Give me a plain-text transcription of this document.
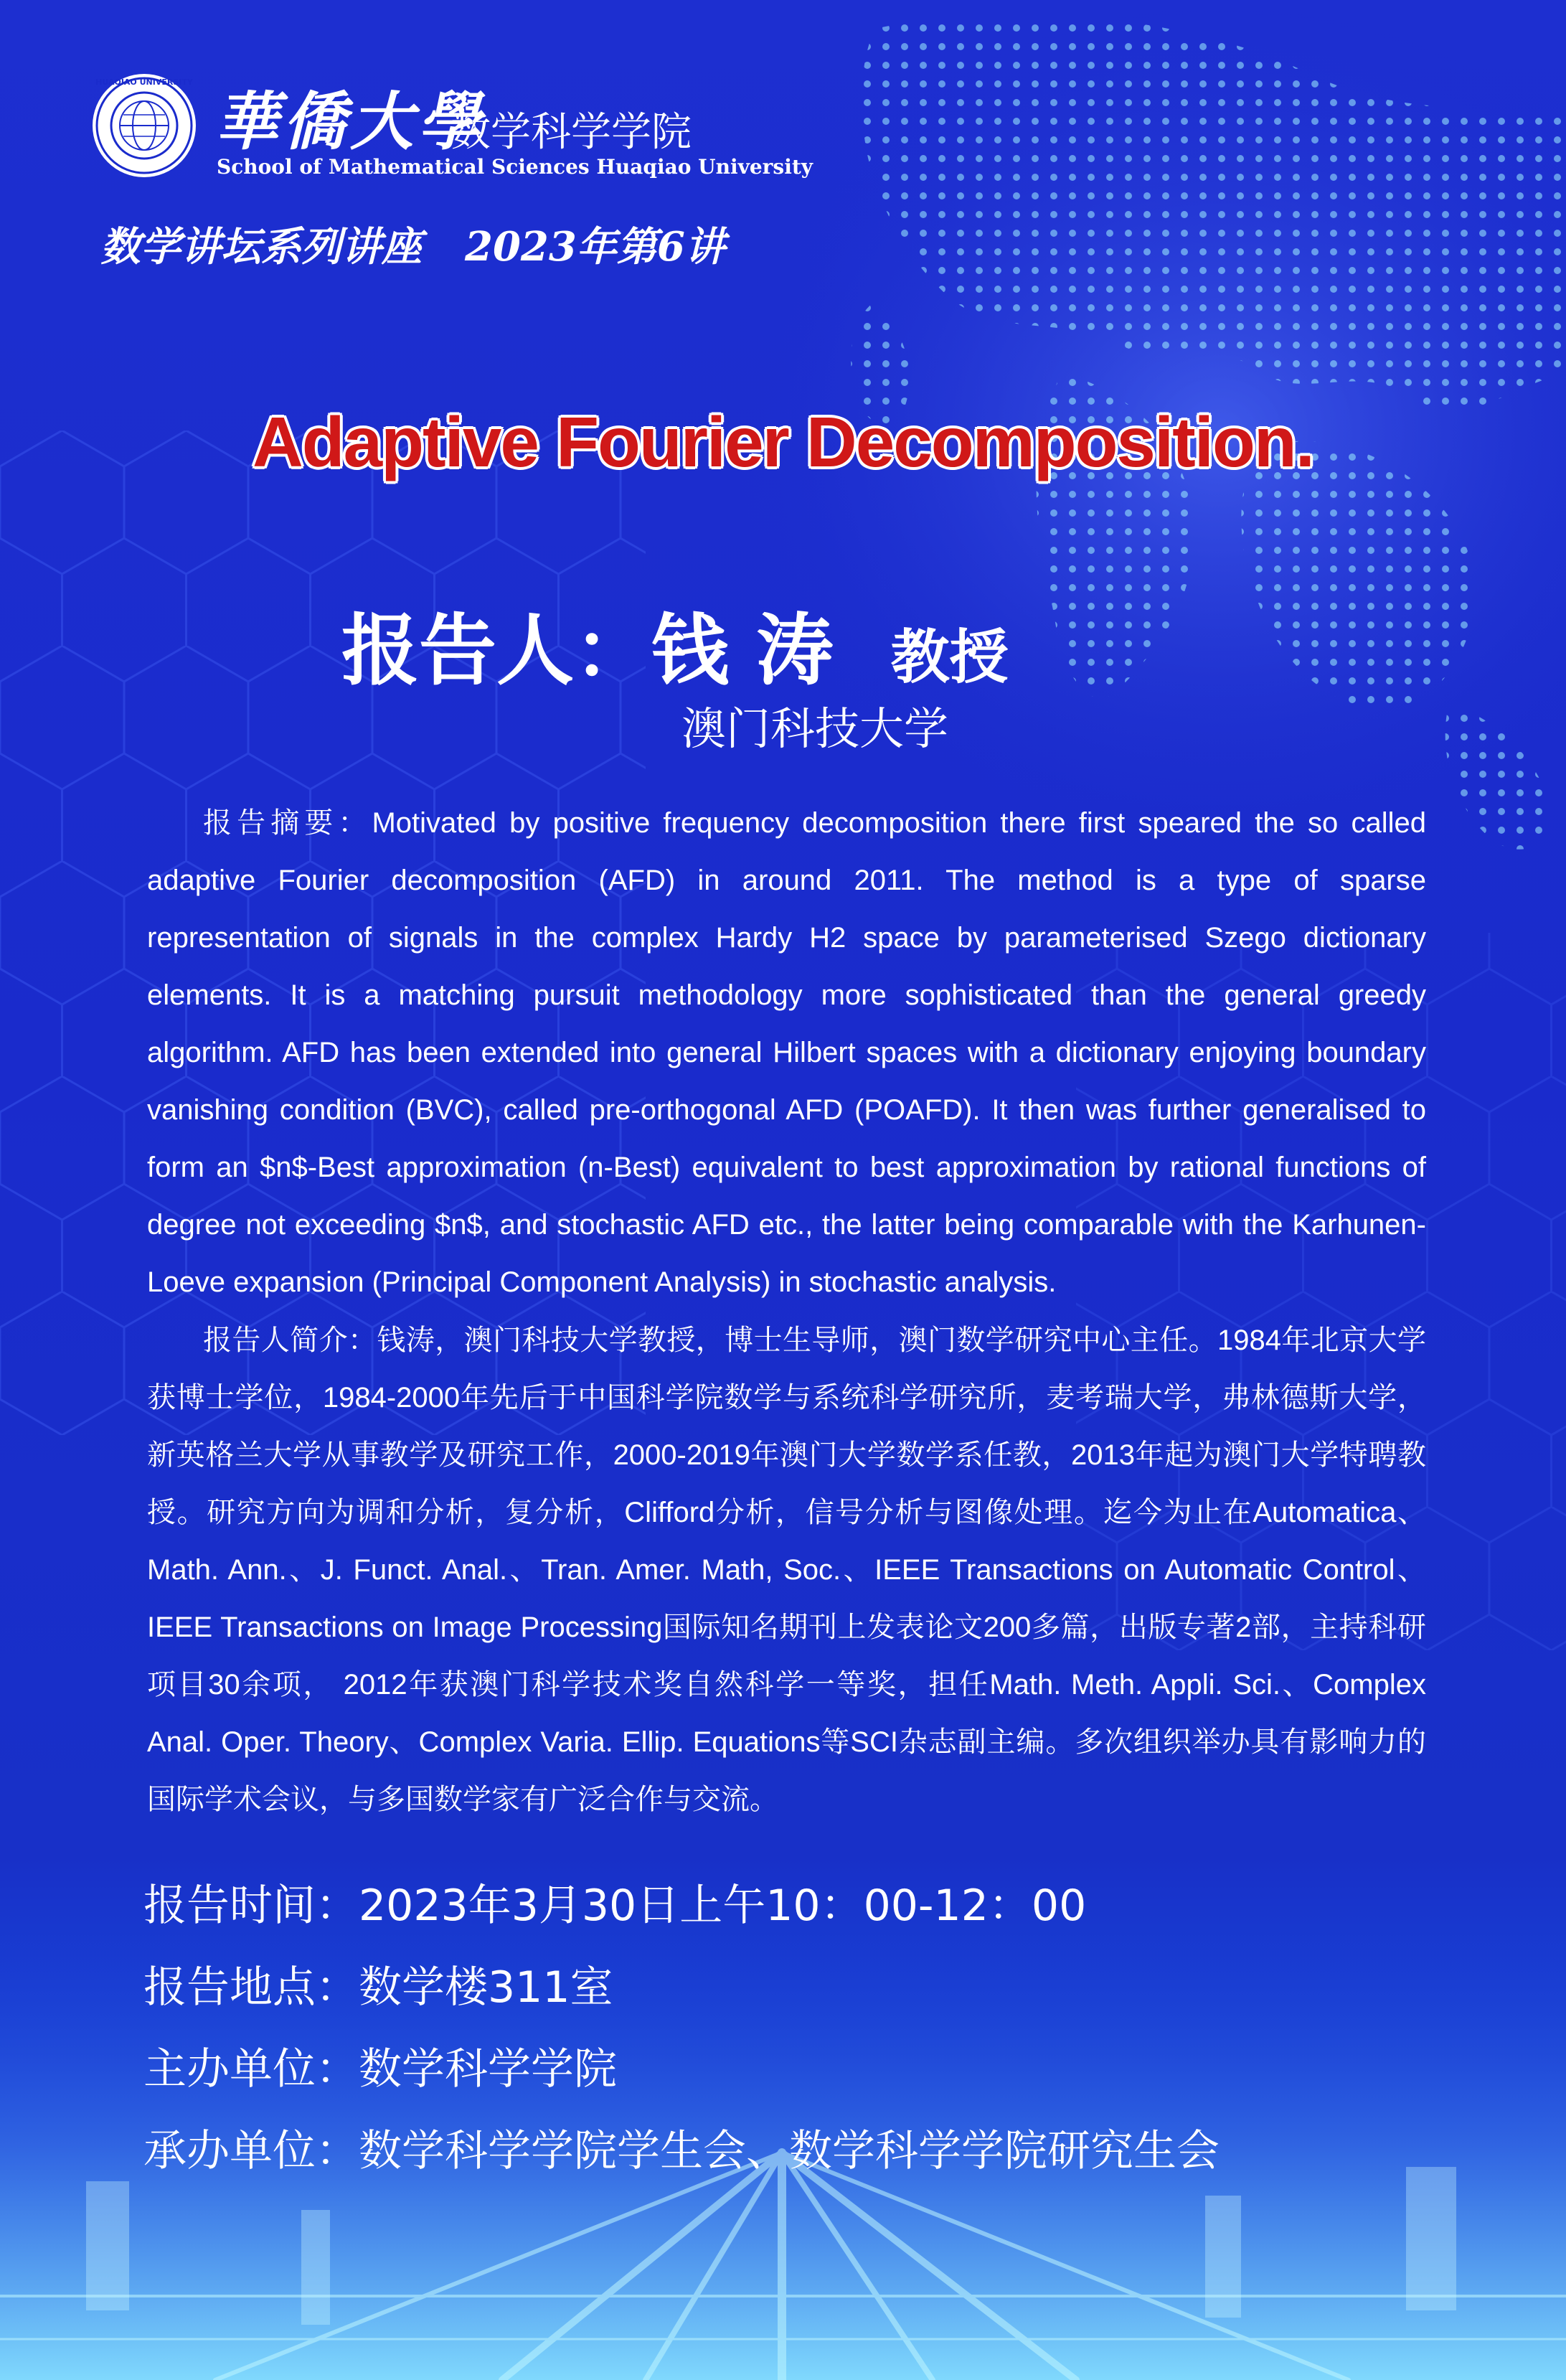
HUAQIAO UNIVERSITY
華僑大學
数学科学学院
School of Mathematical Sciences Huaqiao University
数学讲坛系列讲座 2023年第6讲
Adaptive Fourier Decomposition.
报告人：钱 涛 教授
澳门科技大学

报告摘要：Motivated by positive frequency decomposition there first speared the so called adaptive Fourier decomposition (AFD) in around 2011. The method is a type of sparse representation of signals in the complex Hardy H2 space by parameterised Szego dictionary elements. It is a matching pursuit methodology more sophisticated than the general greedy algorithm. AFD has been extended into general Hilbert spaces with a dictionary enjoying boundary vanishing condition (BVC), called pre-orthogonal AFD (POAFD). It then was further generalised to form an $n$-Best approximation (n-Best) equivalent to best approximation by rational functions of degree not exceeding $n$, and stochastic AFD etc., the latter being comparable with the Karhunen-Loeve expansion (Principal Component Analysis) in stochastic analysis.

报告人简介：钱涛，澳门科技大学教授，博士生导师，澳门数学研究中心主任。1984年北京大学获博士学位，1984-2000年先后于中国科学院数学与系统科学研究所，麦考瑞大学，弗林德斯大学，新英格兰大学从事教学及研究工作，2000-2019年澳门大学数学系任教，2013年起为澳门大学特聘教授。研究方向为调和分析，复分析，Clifford分析，信号分析与图像处理。迄今为止在Automatica、Math. Ann.、J. Funct. Anal.、Tran. Amer. Math, Soc.、IEEE Transactions on Automatic Control、IEEE Transactions on Image Processing国际知名期刊上发表论文200多篇，出版专著2部，主持科研项目30余项， 2012年获澳门科学技术奖自然科学一等奖，担任Math. Meth. Appli. Sci.、Complex Anal. Oper. Theory、Complex Varia. Ellip. Equations等SCI杂志副主编。多次组织举办具有影响力的国际学术会议，与多国数学家有广泛合作与交流。

报告时间：2023年3月30日上午10：00-12：00
报告地点：数学楼311室
主办单位：数学科学学院
承办单位：数学科学学院学生会、数学科学学院研究生会
